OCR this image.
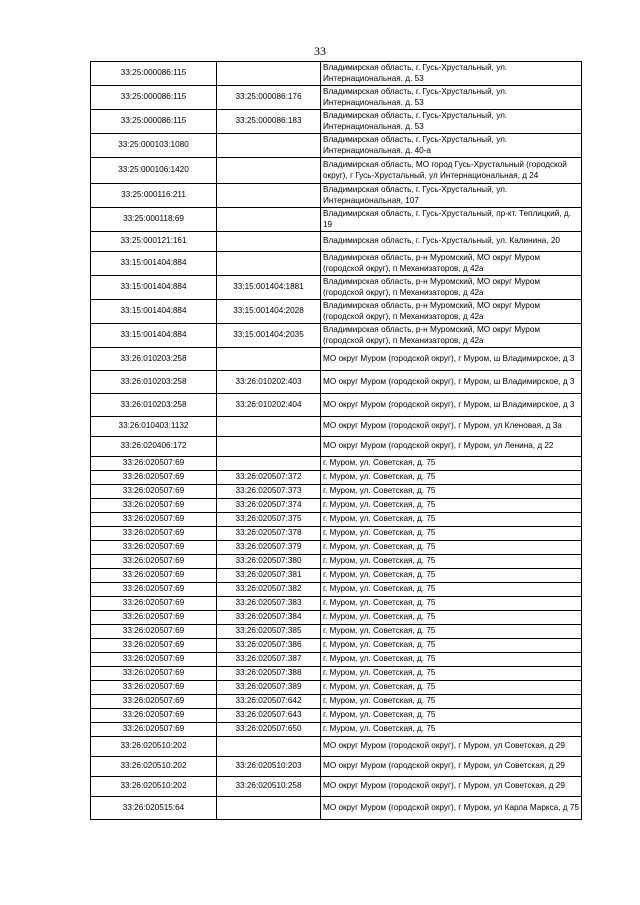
33
33:25:000086:115		Владимирская область, г. Гусь-Хрустальный, ул. Интернациональная, д. 53
33:25:000086:115	33:25:000086:176	Владимирская область, г. Гусь-Хрустальный, ул. Интернациональная, д. 53
33:25:000086:115	33:25:000086:183	Владимирская область, г. Гусь-Хрустальный, ул. Интернациональная, д. 53
33:25:000103:1080		Владимирская область, г. Гусь-Хрустальный, ул. Интернациональная, д. 40-а
33:25:000106:1420		Владимирская область, МО город Гусь-Хрустальный (городской округ), г Гусь-Хрустальный, ул Интернациональная, д 24
33:25:000116:211		Владимирская область, г. Гусь-Хрустальный, ул. Интернациональная, 107
33:25:000118:69		Владимирская область, г. Гусь-Хрустальный, пр-кт. Теплицкий, д. 19
33:25:000121:161		Владимирская область, г. Гусь-Хрустальный, ул. Калинина, 20
33:15:001404:884		Владимирская область, р-н Муромский, МО округ Муром (городской округ), п Механизаторов, д 42а
33:15:001404:884	33:15:001404:1881	Владимирская область, р-н Муромский, МО округ Муром (городской округ), п Механизаторов, д 42а
33:15:001404:884	33:15:001404:2028	Владимирская область, р-н Муромский, МО округ Муром (городской округ), п Механизаторов, д 42а
33:15:001404:884	33:15:001404:2035	Владимирская область, р-н Муромский, МО округ Муром (городской округ), п Механизаторов, д 42а
33:26:010203:258		МО округ Муром (городской округ), г Муром, ш Владимирское, д 3
33:26:010203:258	33:26:010202:403	МО округ Муром (городской округ), г Муром, ш Владимирское, д 3
33:26:010203:258	33:26:010202:404	МО округ Муром (городской округ), г Муром, ш Владимирское, д 3
33:26:010403:1132		МО округ Муром (городской округ), г Муром, ул Кленовая, д 3а
33:26:020406:172		МО округ Муром (городской округ), г Муром, ул Ленина, д 22
33:26:020507:69		г. Муром, ул. Советская, д. 75
33:26:020507:69	33:26:020507:372	г. Муром, ул. Советская, д. 75
33:26:020507:69	33:26:020507:373	г. Муром, ул. Советская, д. 75
33:26:020507:69	33:26:020507:374	г. Муром, ул. Советская, д. 75
33:26:020507:69	33:26:020507:375	г. Муром, ул. Советская, д. 75
33:26:020507:69	33:26:020507:378	г. Муром, ул. Советская, д. 75
33:26:020507:69	33:26:020507:379	г. Муром, ул. Советская, д. 75
33:26:020507:69	33:26:020507:380	г. Муром, ул. Советская, д. 75
33:26:020507:69	33:26:020507:381	г. Муром, ул. Советская, д. 75
33:26:020507:69	33:26:020507:382	г. Муром, ул. Советская, д. 75
33:26:020507:69	33:26:020507:383	г. Муром, ул. Советская, д. 75
33:26:020507:69	33:26:020507:384	г. Муром, ул. Советская, д. 75
33:26:020507:69	33:26:020507:385	г. Муром, ул. Советская, д. 75
33:26:020507:69	33:26:020507:386	г. Муром, ул. Советская, д. 75
33:26:020507:69	33:26:020507:387	г. Муром, ул. Советская, д. 75
33:26:020507:69	33:26:020507:388	г. Муром, ул. Советская, д. 75
33:26:020507:69	33:26:020507:389	г. Муром, ул. Советская, д. 75
33:26:020507:69	33:26:020507:642	г. Муром, ул. Советская, д. 75
33:26:020507:69	33:26:020507:643	г. Муром, ул. Советская, д. 75
33:26:020507:69	33:26:020507:650	г. Муром, ул. Советская, д. 75
33:26:020510:202		МО округ Муром (городской округ), г Муром, ул Советская, д 29
33:26:020510:202	33:26:020510:203	МО округ Муром (городской округ), г Муром, ул Советская, д 29
33:26:020510:202	33:26:020510:258	МО округ Муром (городской округ), г Муром, ул Советская, д 29
33:26:020515:64		МО округ Муром (городской округ), г Муром, ул Карла Маркса, д 75
